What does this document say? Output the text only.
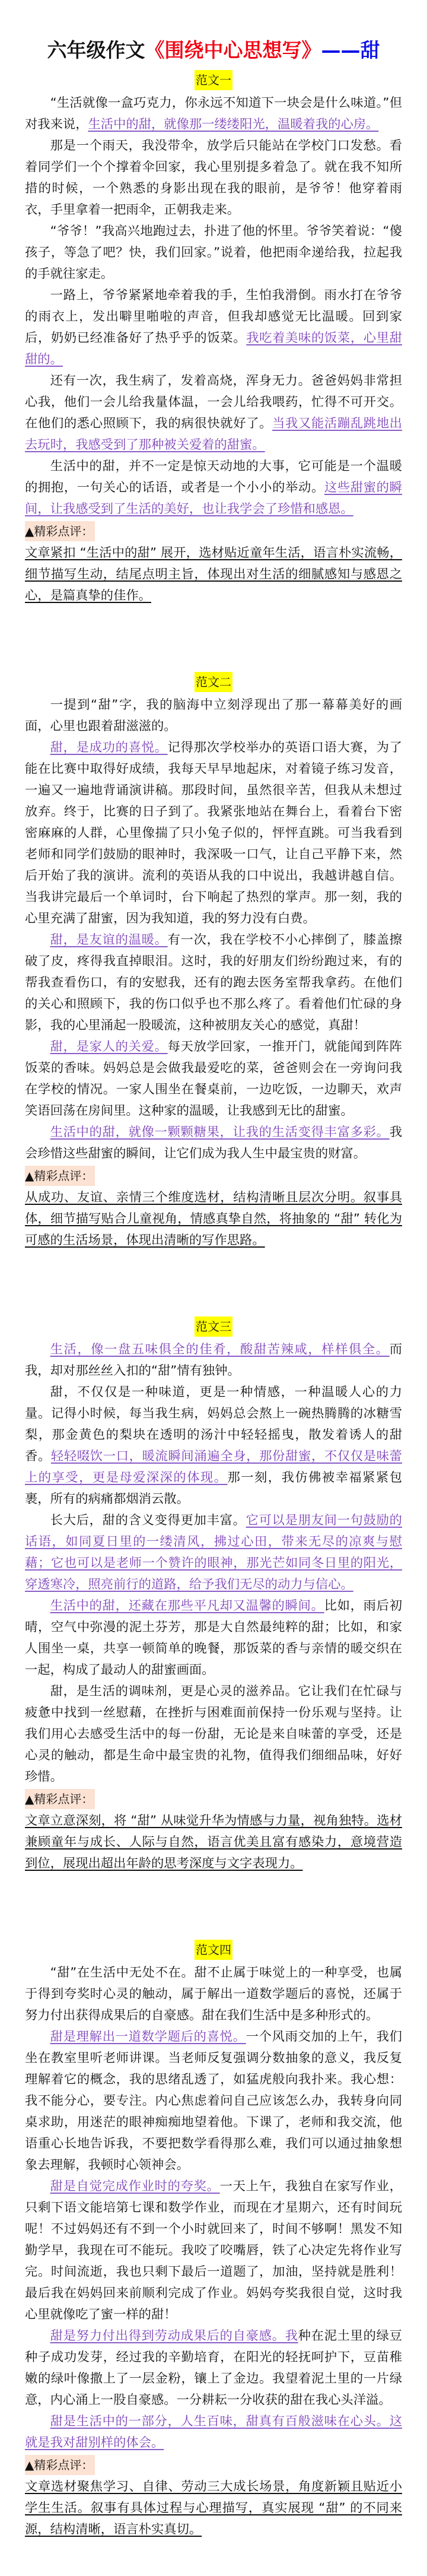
六年级作文《围绕中心思想写》——甜
范文一

“生活就像一盒巧克力，你永远不知道下一块会是什么味道。”但对我来说，生活中的甜，就像那一缕缕阳光，温暖着我的心房。

那是一个雨天，我没带伞，放学后只能站在学校门口发愁。看着同学们一个个撑着伞回家，我心里别提多着急了。就在我不知所措的时候，一个熟悉的身影出现在我的眼前，是爷爷！他穿着雨衣，手里拿着一把雨伞，正朝我走来。

“爷爷！”我高兴地跑过去，扑进了他的怀里。爷爷笑着说：“傻孩子，等急了吧？快，我们回家。”说着，他把雨伞递给我，拉起我的手就往家走。

一路上，爷爷紧紧地牵着我的手，生怕我滑倒。雨水打在爷爷的雨衣上，发出噼里啪啦的声音，但我却感觉无比温暖。回到家后，奶奶已经准备好了热乎乎的饭菜。我吃着美味的饭菜，心里甜甜的。

还有一次，我生病了，发着高烧，浑身无力。爸爸妈妈非常担心我，他们一会儿给我量体温，一会儿给我喂药，忙得不可开交。在他们的悉心照顾下，我的病很快就好了。当我又能活蹦乱跳地出去玩时，我感受到了那种被关爱着的甜蜜。

生活中的甜，并不一定是惊天动地的大事，它可能是一个温暖的拥抱，一句关心的话语，或者是一个小小的举动。这些甜蜜的瞬间，让我感受到了生活的美好，也让我学会了珍惜和感恩。

▲精彩点评：

文章紧扣 “生活中的甜” 展开，选材贴近童年生活，语言朴实流畅，细节描写生动，结尾点明主旨，体现出对生活的细腻感知与感恩之心，是篇真挚的佳作。

范文二

一提到“甜”字，我的脑海中立刻浮现出了那一幕幕美好的画面，心里也跟着甜滋滋的。

甜，是成功的喜悦。记得那次学校举办的英语口语大赛，为了能在比赛中取得好成绩，我每天早早地起床，对着镜子练习发音，一遍又一遍地背诵演讲稿。那段时间，虽然很辛苦，但我从未想过放弃。终于，比赛的日子到了。我紧张地站在舞台上，看着台下密密麻麻的人群，心里像揣了只小兔子似的，怦怦直跳。可当我看到老师和同学们鼓励的眼神时，我深吸一口气，让自己平静下来，然后开始了我的演讲。流利的英语从我的口中说出，我越讲越自信。当我讲完最后一个单词时，台下响起了热烈的掌声。那一刻，我的心里充满了甜蜜，因为我知道，我的努力没有白费。

甜，是友谊的温暖。有一次，我在学校不小心摔倒了，膝盖擦破了皮，疼得我直掉眼泪。这时，我的好朋友们纷纷跑过来，有的帮我查看伤口，有的安慰我，还有的跑去医务室帮我拿药。在他们的关心和照顾下，我的伤口似乎也不那么疼了。看着他们忙碌的身影，我的心里涌起一股暖流，这种被朋友关心的感觉，真甜！

甜，是家人的关爱。每天放学回家，一推开门，就能闻到阵阵饭菜的香味。妈妈总是会做我最爱吃的菜，爸爸则会在一旁询问我在学校的情况。一家人围坐在餐桌前，一边吃饭，一边聊天，欢声笑语回荡在房间里。这种家的温暖，让我感到无比的甜蜜。

生活中的甜，就像一颗颗糖果，让我的生活变得丰富多彩。我会珍惜这些甜蜜的瞬间，让它们成为我人生中最宝贵的财富。

▲精彩点评：

从成功、友谊、亲情三个维度选材，结构清晰且层次分明。叙事具体，细节描写贴合儿童视角，情感真挚自然，将抽象的 “甜” 转化为可感的生活场景，体现出清晰的写作思路。

范文三

生活，像一盘五味俱全的佳肴，酸甜苦辣咸，样样俱全。而我，却对那丝丝入扣的“甜”情有独钟。

甜，不仅仅是一种味道，更是一种情感，一种温暖人心的力量。记得小时候，每当我生病，妈妈总会熬上一碗热腾腾的冰糖雪梨，那金黄色的梨块在透明的汤汁中轻轻摇曳，散发着诱人的甜香。轻轻啜饮一口，暖流瞬间涌遍全身，那份甜蜜，不仅仅是味蕾上的享受，更是母爱深深的体现。那一刻，我仿佛被幸福紧紧包裹，所有的病痛都烟消云散。

长大后，甜的含义变得更加丰富。它可以是朋友间一句鼓励的话语，如同夏日里的一缕清风，拂过心田，带来无尽的凉爽与慰藉；它也可以是老师一个赞许的眼神，那光芒如同冬日里的阳光，穿透寒冷，照亮前行的道路，给予我们无尽的动力与信心。

生活中的甜，还藏在那些平凡却又温馨的瞬间。比如，雨后初晴，空气中弥漫的泥土芬芳，那是大自然最纯粹的甜；比如，和家人围坐一桌，共享一顿简单的晚餐，那饭菜的香与亲情的暖交织在一起，构成了最动人的甜蜜画面。

甜，是生活的调味剂，更是心灵的滋养品。它让我们在忙碌与疲惫中找到一丝慰藉，在挫折与困难面前保持一份乐观与坚持。让我们用心去感受生活中的每一份甜，无论是来自味蕾的享受，还是心灵的触动，都是生命中最宝贵的礼物，值得我们细细品味，好好珍惜。

▲精彩点评：

文章立意深刻，将 “甜” 从味觉升华为情感与力量，视角独特。选材兼顾童年与成长、人际与自然，语言优美且富有感染力，意境营造到位，展现出超出年龄的思考深度与文字表现力。

范文四

“甜”在生活中无处不在。甜不止属于味觉上的一种享受，也属于得到夸奖时心灵的触动，属于解出一道数学题后的喜悦，还属于努力付出获得成果后的自豪感。甜在我们生活中是多种形式的。

甜是理解出一道数学题后的喜悦。一个风雨交加的上午，我们坐在教室里听老师讲课。当老师反复强调分数抽象的意义，我反复理解着它的概念，我的思绪乱透了，如猛虎般向我扑来。我心想：我不能分心，要专注。内心焦虑着问自己应该怎么办，我转身向同桌求助，用迷茫的眼神痴痴地望着他。下课了，老师和我交流，他语重心长地告诉我，不要把数学看得那么难，我们可以通过抽象想象去理解，我顿时心领神会。

甜是自觉完成作业时的夸奖。一天上午，我独自在家写作业，只剩下语文能培第七课和数学作业，而现在才星期六，还有时间玩呢！不过妈妈还有不到一个小时就回来了，时间不够啊！黑发不知勤学早，我现在可不能玩。我咬了咬嘴唇，铁了心决定先将作业写完。时间流逝，我也只剩下最后一道题了，加油，坚持就是胜利！最后我在妈妈回来前顺利完成了作业。妈妈夸奖我很自觉，这时我心里就像吃了蜜一样的甜！

甜是努力付出得到劳动成果后的自豪感。我种在泥土里的绿豆种子成功发芽，经过我的辛勤培育，在阳光的轻抚呵护下，豆苗稚嫩的绿叶像撒上了一层金粉，镶上了金边。我望着泥土里的一片绿意，内心涌上一股自豪感。一分耕耘一分收获的甜在我心头洋溢。

甜是生活中的一部分，人生百味，甜真有百般滋味在心头。这就是我对甜别样的体会。

▲精彩点评：

文章选材聚焦学习、自律、劳动三大成长场景，角度新颖且贴近小学生生活。叙事有具体过程与心理描写，真实展现 “甜” 的不同来源，结构清晰，语言朴实真切。
